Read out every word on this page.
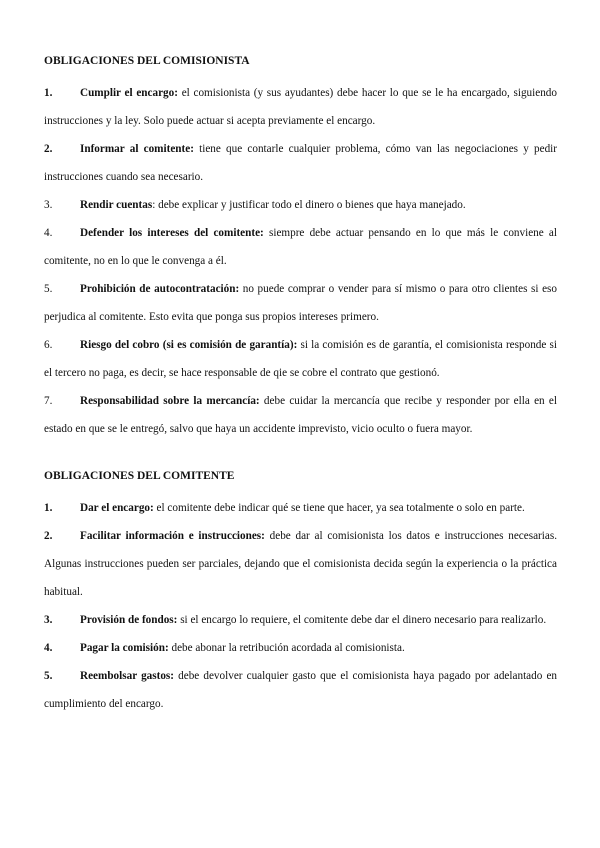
OBLIGACIONES DEL COMISIONISTA

1. Cumplir el encargo: el comisionista (y sus ayudantes) debe hacer lo que se le ha encargado, siguiendo instrucciones y la ley. Solo puede actuar si acepta previamente el encargo.

2. Informar al comitente: tiene que contarle cualquier problema, cómo van las negociaciones y pedir instrucciones cuando sea necesario.

3. Rendir cuentas: debe explicar y justificar todo el dinero o bienes que haya manejado.

4. Defender los intereses del comitente: siempre debe actuar pensando en lo que más le conviene al comitente, no en lo que le convenga a él.

5. Prohibición de autocontratación: no puede comprar o vender para sí mismo o para otro clientes si eso perjudica al comitente. Esto evita que ponga sus propios intereses primero.

6. Riesgo del cobro (si es comisión de garantía): si la comisión es de garantía, el comisionista responde si el tercero no paga, es decir, se hace responsable de qie se cobre el contrato que gestionó.

7. Responsabilidad sobre la mercancía: debe cuidar la mercancía que recibe y responder por ella en el estado en que se le entregó, salvo que haya un accidente imprevisto, vicio oculto o fuera mayor.

OBLIGACIONES DEL COMITENTE

1. Dar el encargo: el comitente debe indicar qué se tiene que hacer, ya sea totalmente o solo en parte.

2. Facilitar información e instrucciones: debe dar al comisionista los datos e instrucciones necesarias. Algunas instrucciones pueden ser parciales, dejando que el comisionista decida según la experiencia o la práctica habitual.

3. Provisión de fondos: si el encargo lo requiere, el comitente debe dar el dinero necesario para realizarlo.

4. Pagar la comisión: debe abonar la retribución acordada al comisionista.

5. Reembolsar gastos: debe devolver cualquier gasto que el comisionista haya pagado por adelantado en cumplimiento del encargo.
